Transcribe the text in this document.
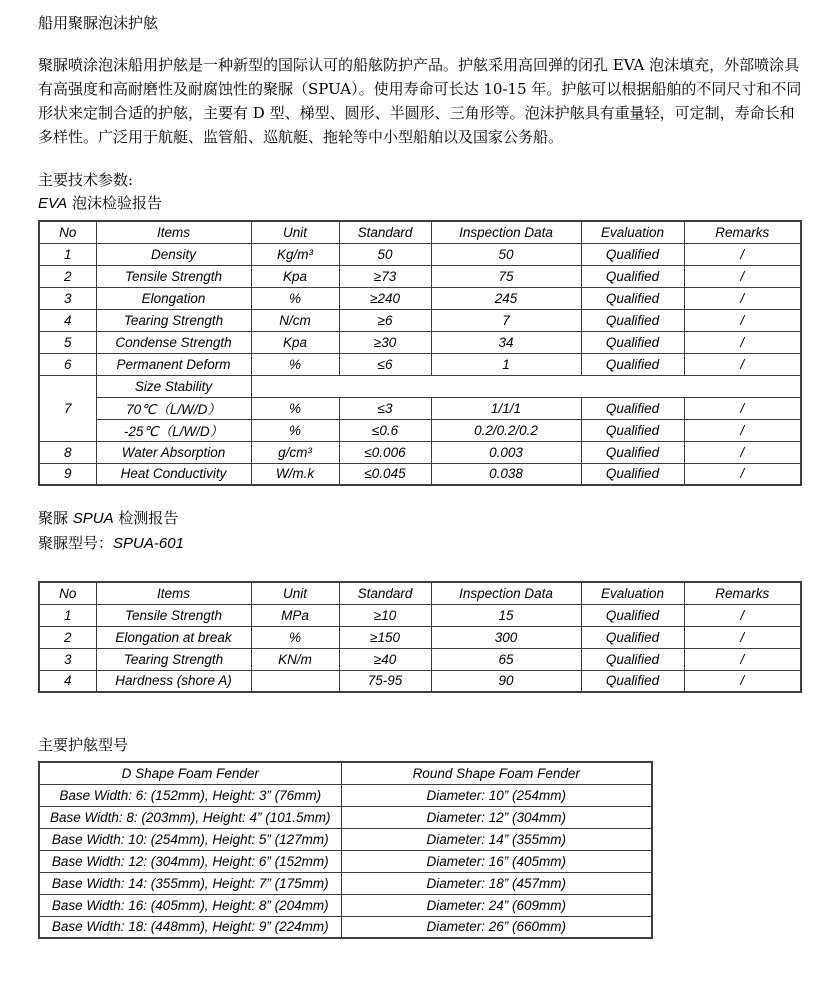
船用聚脲泡沫护舷
聚脲喷涂泡沫船用护舷是一种新型的国际认可的船舷防护产品。护舷采用高回弹的闭孔 EVA 泡沫填充，外部喷涂具
有高强度和高耐磨性及耐腐蚀性的聚脲（SPUA）。使用寿命可长达 10-15 年。护舷可以根据船舶的不同尺寸和不同
形状来定制合适的护舷，主要有 D 型、梯型、圆形、半圆形、三角形等。泡沫护舷具有重量轻，可定制，寿命长和
多样性。广泛用于航艇、监管船、巡航艇、拖轮等中小型船舶以及国家公务船。
主要技术参数:
EVA 泡沫检验报告
No	Items	Unit	Standard	Inspection Data	Evaluation	Remarks
1	Density	Kg/m³	50	50	Qualified	/
2	Tensile Strength	Kpa	≥73	75	Qualified	/
3	Elongation	%	≥240	245	Qualified	/
4	Tearing Strength	N/cm	≥6	7	Qualified	/
5	Condense Strength	Kpa	≥30	34	Qualified	/
6	Permanent Deform	%	≤6	1	Qualified	/
7	Size Stability					
	70℃（L/W/D）	%	≤3	1/1/1	Qualified	/
	-25℃（L/W/D）	%	≤0.6	0.2/0.2/0.2	Qualified	/
8	Water Absorption	g/cm³	≤0.006	0.003	Qualified	/
9	Heat Conductivity	W/m.k	≤0.045	0.038	Qualified	/
聚脲 SPUA 检测报告
聚脲型号：SPUA-601
No	Items	Unit	Standard	Inspection Data	Evaluation	Remarks
1	Tensile Strength	MPa	≥10	15	Qualified	/
2	Elongation at break	%	≥150	300	Qualified	/
3	Tearing Strength	KN/m	≥40	65	Qualified	/
4	Hardness (shore A)		75-95	90	Qualified	/
主要护舷型号
D Shape Foam Fender	Round Shape Foam Fender
Base Width: 6: (152mm), Height: 3” (76mm)	Diameter: 10” (254mm)
Base Width: 8: (203mm), Height: 4” (101.5mm)	Diameter: 12” (304mm)
Base Width: 10: (254mm), Height: 5” (127mm)	Diameter: 14” (355mm)
Base Width: 12: (304mm), Height: 6” (152mm)	Diameter: 16” (405mm)
Base Width: 14: (355mm), Height: 7” (175mm)	Diameter: 18” (457mm)
Base Width: 16: (405mm), Height: 8” (204mm)	Diameter: 24” (609mm)
Base Width: 18: (448mm), Height: 9” (224mm)	Diameter: 26” (660mm)
